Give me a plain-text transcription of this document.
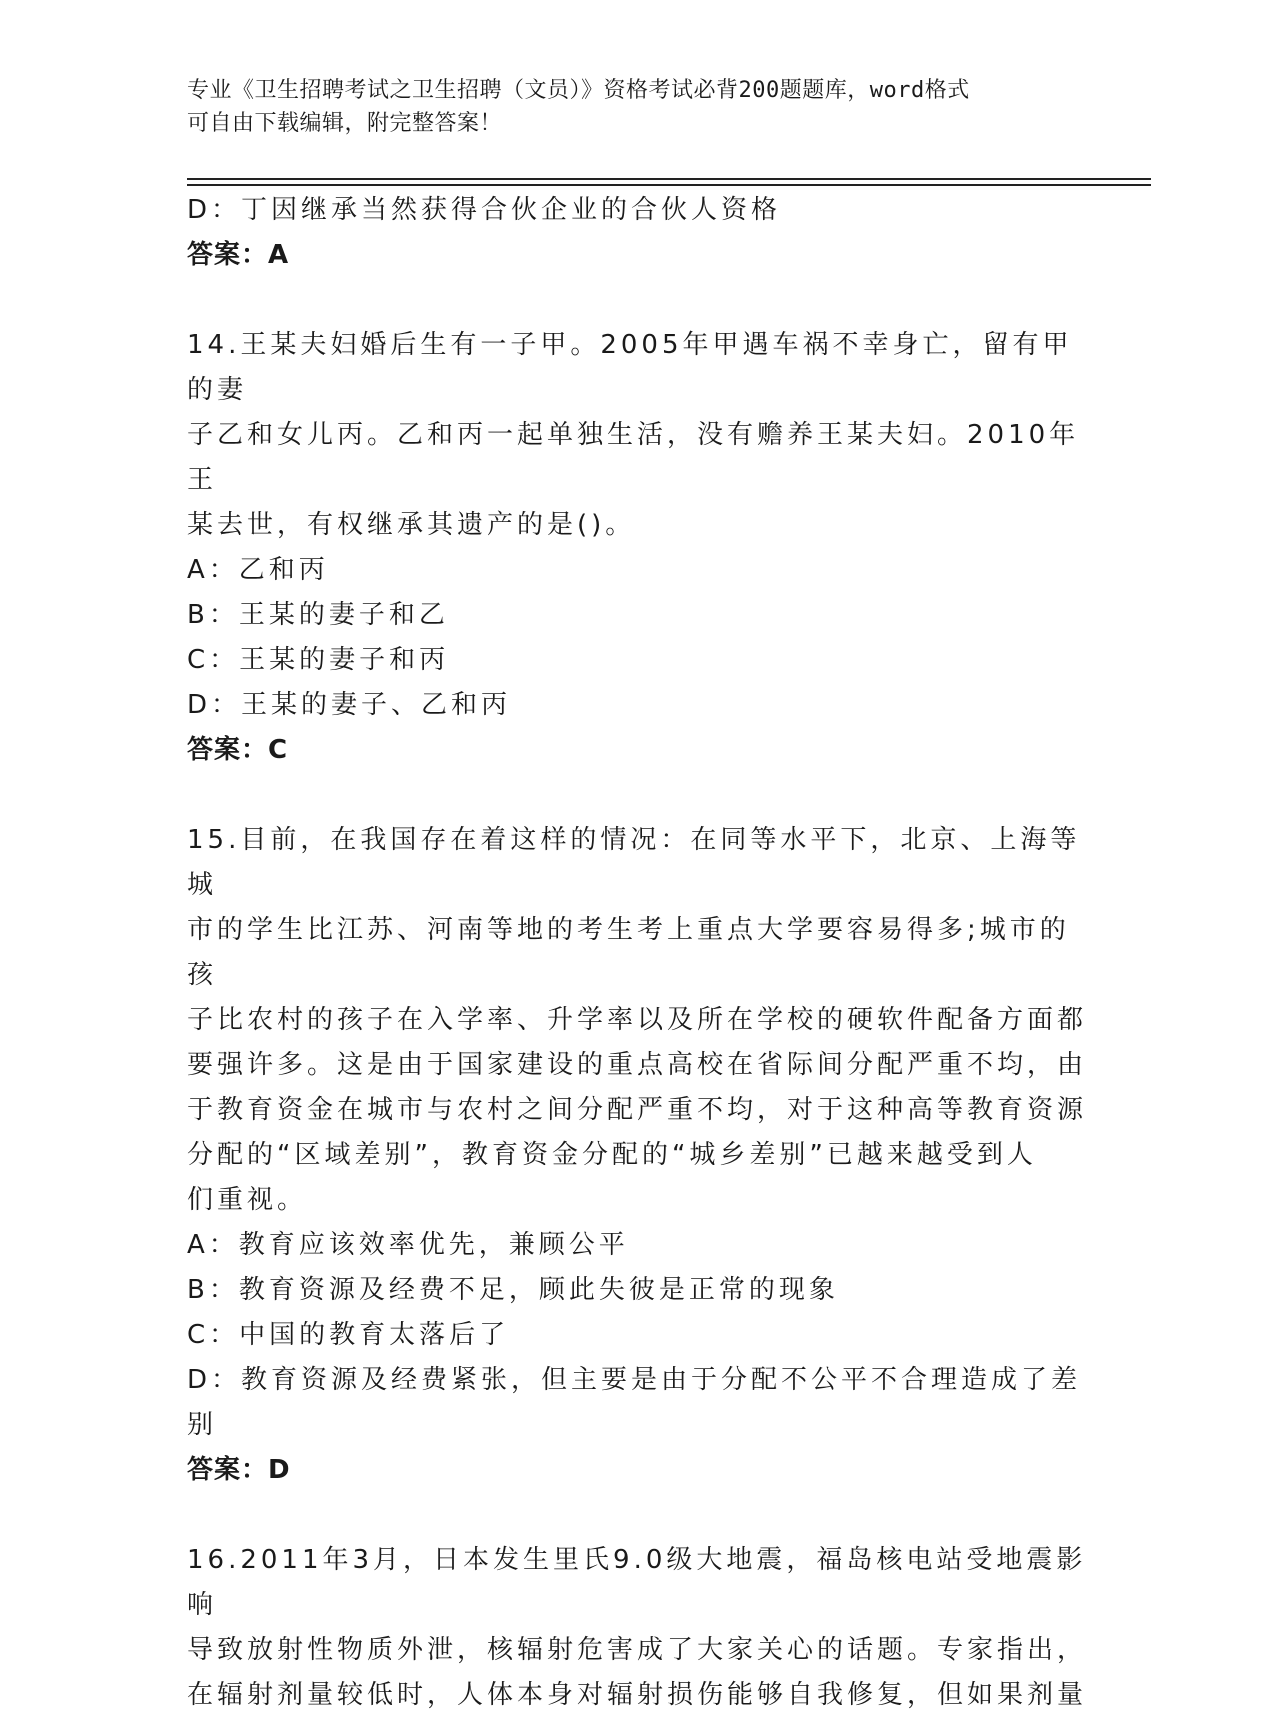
专业《卫生招聘考试之卫生招聘（文员）》资格考试必背200题题库，word格式
可自由下载编辑，附完整答案！

D：丁因继承当然获得合伙企业的合伙人资格

答案：A

14.王某夫妇婚后生有一子甲。2005年甲遇车祸不幸身亡，留有甲的妻

子乙和女儿丙。乙和丙一起单独生活，没有赡养王某夫妇。2010年王

某去世，有权继承其遗产的是()。

A：乙和丙

B：王某的妻子和乙

C：王某的妻子和丙

D：王某的妻子、乙和丙

答案：C

15.目前，在我国存在着这样的情况：在同等水平下，北京、上海等城

市的学生比江苏、河南等地的考生考上重点大学要容易得多;城市的孩

子比农村的孩子在入学率、升学率以及所在学校的硬软件配备方面都

要强许多。这是由于国家建设的重点高校在省际间分配严重不均，由

于教育资金在城市与农村之间分配严重不均，对于这种高等教育资源

分配的“区域差别”，教育资金分配的“城乡差别”已越来越受到人

们重视。

A：教育应该效率优先，兼顾公平

B：教育资源及经费不足，顾此失彼是正常的现象

C：中国的教育太落后了

D：教育资源及经费紧张，但主要是由于分配不公平不合理造成了差别

答案：D

16.2011年3月，日本发生里氏9.0级大地震，福岛核电站受地震影响

导致放射性物质外泄，核辐射危害成了大家关心的话题。专家指出，

在辐射剂量较低时，人体本身对辐射损伤能够自我修复，但如果剂量
